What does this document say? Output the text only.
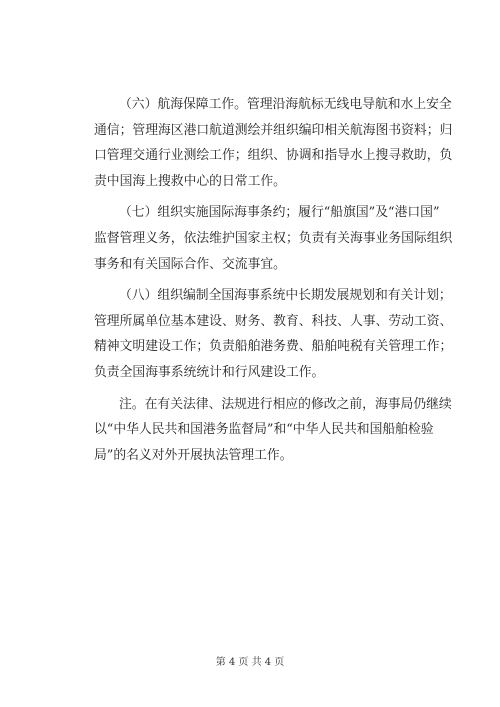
（六）航海保障工作。管理沿海航标无线电导航和水上安全
通信；管理海区港口航道测绘并组织编印相关航海图书资料；归
口管理交通行业测绘工作；组织、协调和指导水上搜寻救助，负
责中国海上搜救中心的日常工作。

（七）组织实施国际海事条约；履行“船旗国”及“港口国”
监督管理义务，依法维护国家主权；负责有关海事业务国际组织
事务和有关国际合作、交流事宜。

（八）组织编制全国海事系统中长期发展规划和有关计划；
管理所属单位基本建设、财务、教育、科技、人事、劳动工资、
精神文明建设工作；负责船舶港务费、船舶吨税有关管理工作；
负责全国海事系统统计和行风建设工作。

注。在有关法律、法规进行相应的修改之前，海事局仍继续
以“中华人民共和国港务监督局”和“中华人民共和国船舶检验
局”的名义对外开展执法管理工作。

第 4 页 共 4 页
